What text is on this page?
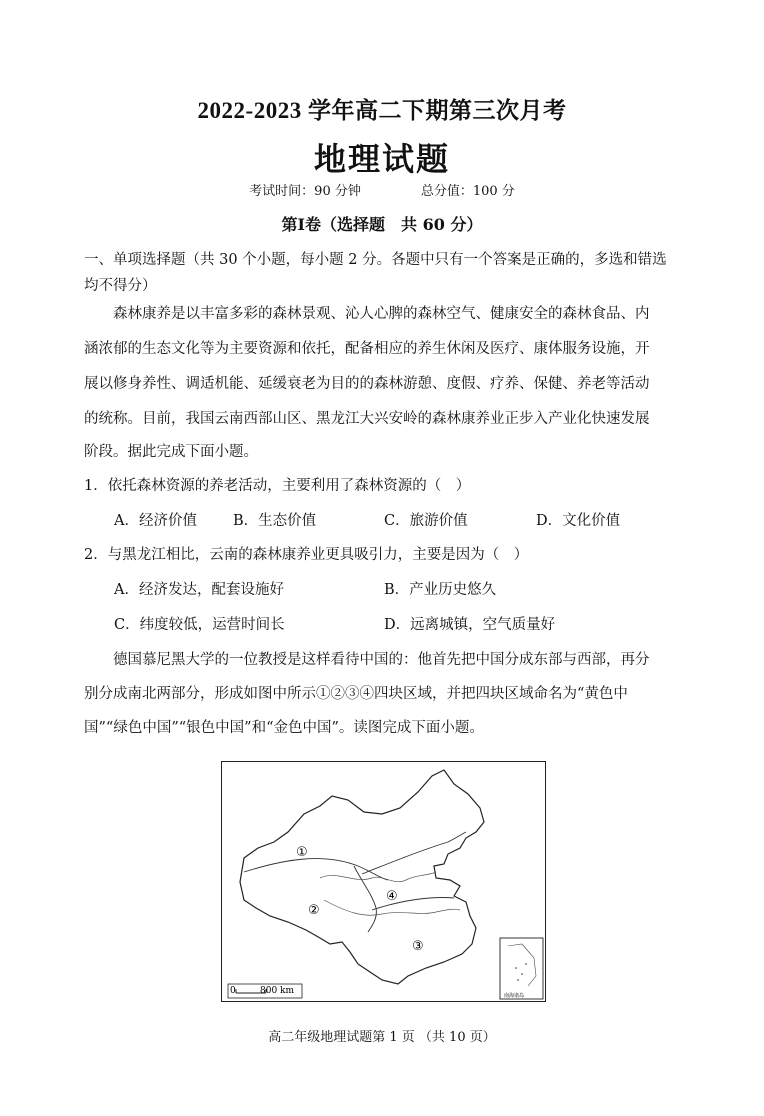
2022-2023 学年高二下期第三次月考
地理试题
考试时间：90 分钟	总分值：100 分
第Ⅰ卷（选择题　共 60 分）
一、单项选择题（共 30 个小题，每小题 2 分。各题中只有一个答案是正确的，多选和错选
均不得分）
森林康养是以丰富多彩的森林景观、沁人心脾的森林空气、健康安全的森林食品、内
涵浓郁的生态文化等为主要资源和依托，配备相应的养生休闲及医疗、康体服务设施，开
展以修身养性、调适机能、延缓衰老为目的的森林游憩、度假、疗养、保健、养老等活动
的统称。目前，我国云南西部山区、黑龙江大兴安岭的森林康养业正步入产业化快速发展
阶段。据此完成下面小题。
1．依托森林资源的养老活动，主要利用了森林资源的（　）
A．经济价值 B．生态价值	C．旅游价值	D．文化价值
2．与黑龙江相比，云南的森林康养业更具吸引力，主要是因为（　）
A．经济发达，配套设施好	B．产业历史悠久
C．纬度较低，运营时间长	D．远离城镇，空气质量好
德国慕尼黑大学的一位教授是这样看待中国的：他首先把中国分成东部与西部，再分
别分成南北两部分，形成如图中所示①②③④四块区域，并把四块区域命名为“黄色中
国”“绿色中国”“银色中国”和“金色中国”。读图完成下面小题。
①
②
③
④
南海诸岛
0	800 km
高二年级地理试题第 1 页 （共 10 页）
